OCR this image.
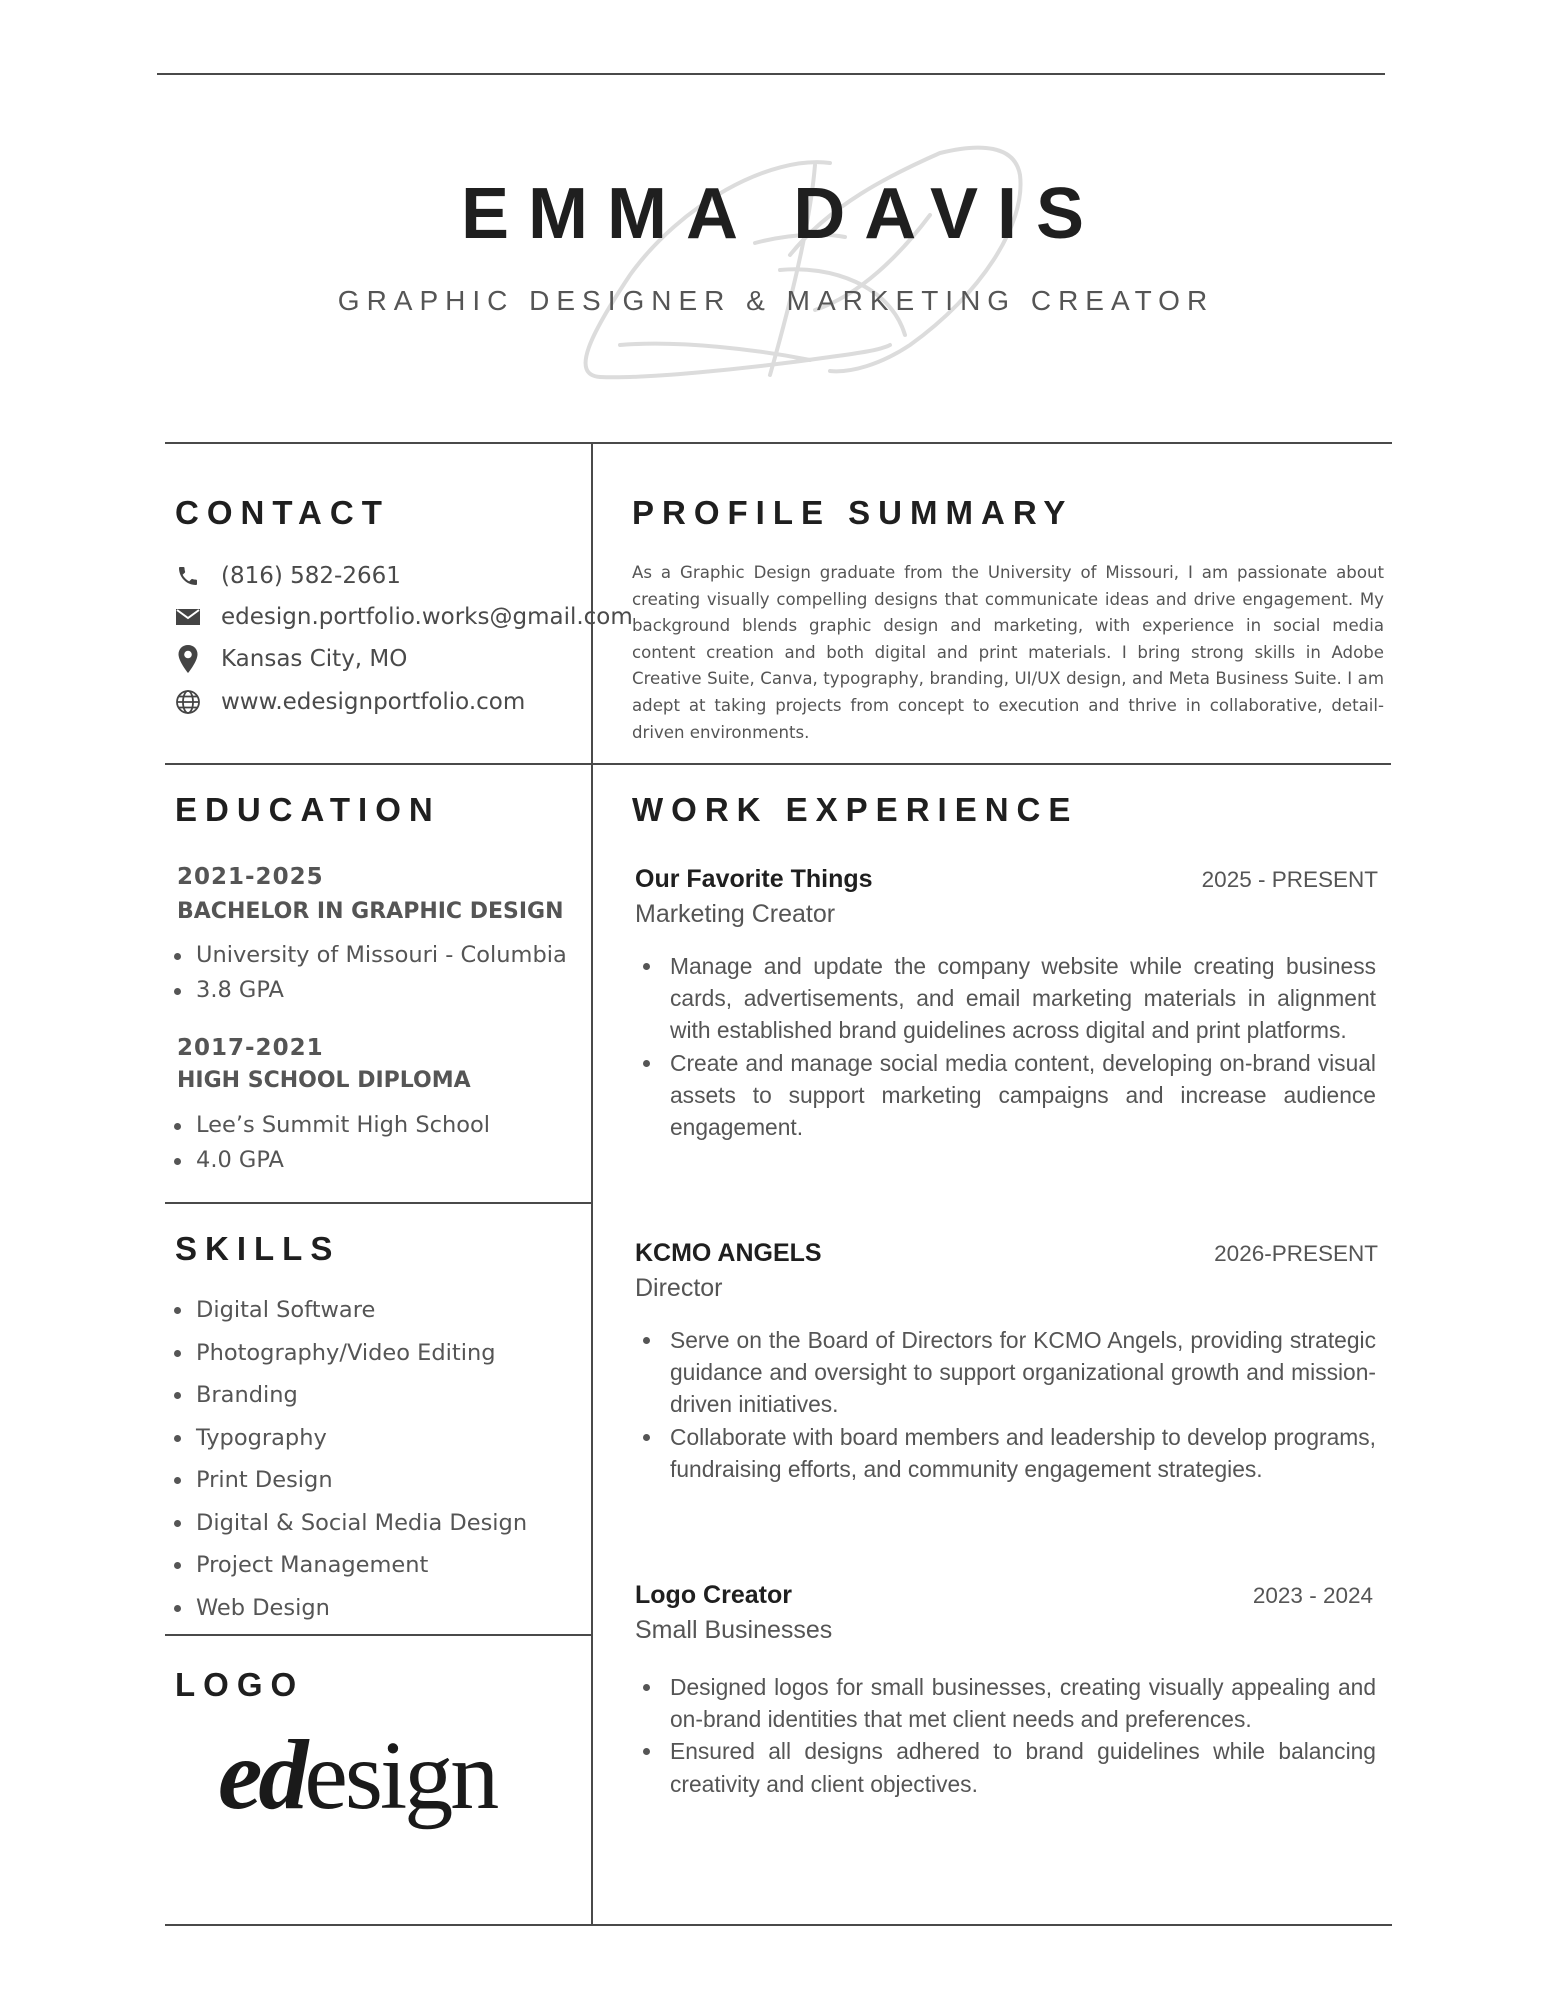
EMMA DAVIS
GRAPHIC DESIGNER & MARKETING CREATOR
CONTACT
(816) 582-2661
edesign.portfolio.works@gmail.com
Kansas City, MO
www.edesignportfolio.com
PROFILE SUMMARY

As a Graphic Design graduate from the University of Missouri, I am passionate about creating visually compelling designs that communicate ideas and drive engagement. My background blends graphic design and marketing, with experience in social media content creation and both digital and print materials. I bring strong skills in Adobe Creative Suite, Canva, typography, branding, UI/UX design, and Meta Business Suite. I am adept at taking projects from concept to execution and thrive in collaborative, detail-driven environments.

EDUCATION
2021-2025
BACHELOR IN GRAPHIC DESIGN
University of Missouri - Columbia
3.8 GPA
2017-2021
HIGH SCHOOL DIPLOMA
Lee’s Summit High School
4.0 GPA
SKILLS
Digital Software
Photography/Video Editing
Branding
Typography
Print Design
Digital & Social Media Design
Project Management
Web Design
LOGO
edesign
WORK EXPERIENCE
Our Favorite Things	2025 - PRESENT
Marketing Creator
Manage and update the company website while creating business cards, advertisements, and email marketing materials in alignment with established brand guidelines across digital and print platforms.
Create and manage social media content, developing on-brand visual assets to support marketing campaigns and increase audience engagement.
KCMO ANGELS	2026-PRESENT
Director
Serve on the Board of Directors for KCMO Angels, providing strategic guidance and oversight to support organizational growth and mission-driven initiatives.
Collaborate with board members and leadership to develop programs, fundraising efforts, and community engagement strategies.
Logo Creator	2023 - 2024
Small Businesses
Designed logos for small businesses, creating visually appealing and on-brand identities that met client needs and preferences.
Ensured all designs adhered to brand guidelines while balancing creativity and client objectives.
